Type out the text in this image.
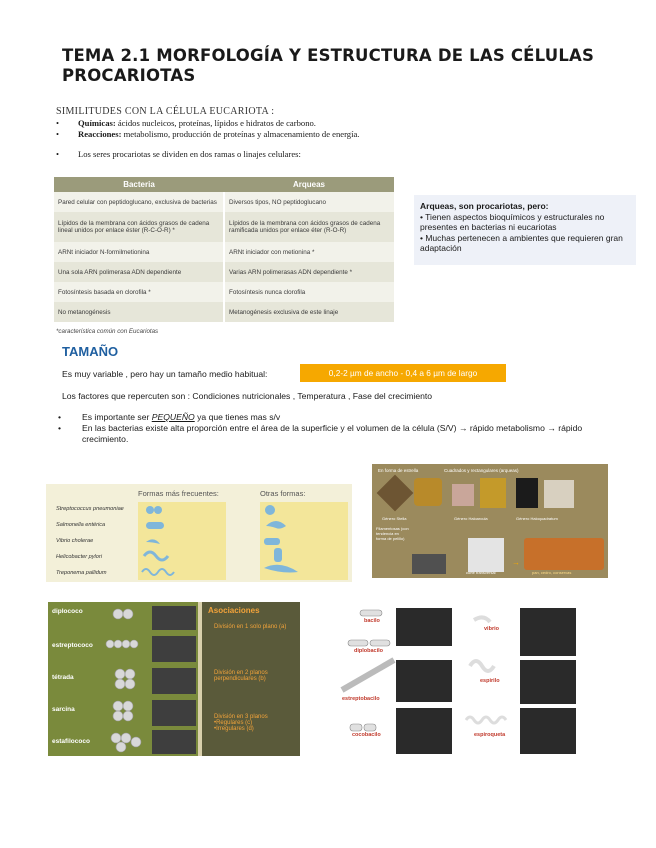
TEMA 2.1 MORFOLOGÍA Y ESTRUCTURA DE LAS CÉLULAS PROCARIOTAS
SIMILITUDES CON LA CÉLULA EUCARIOTA :
• Químicas: ácidos nucleicos, proteínas, lípidos e hidratos de carbono.
• Reacciones: metabolismo, producción de proteínas y almacenamiento de energía.
• Los seres procariotas se dividen en dos ramas o linajes celulares:
Bacteria	Arqueas
Pared celular con peptidoglucano, exclusiva de bacterias	Diversos tipos, NO peptidoglucano
Lípidos de la membrana con ácidos grasos de cadena lineal unidos por enlace éster (R-C-O-R) *	Lípidos de la membrana con ácidos grasos de cadena ramificada unidos por enlace éter (R-O-R)
ARNt iniciador N-formilmetionina	ARNt iniciador con metionina *
Una sola ARN polimerasa ADN dependiente	Varias ARN polimerasas ADN dependiente *
Fotosíntesis basada en clorofila *	Fotosíntesis nunca clorofila
No metanogénesis	Metanogénesis exclusiva de este linaje
*característica común con Eucariotas
Arqueas, son procariotas, pero:
• Tienen aspectos bioquímicos y estructurales no presentes en bacterias ni eucariotas
• Muchas pertenecen a ambientes que requieren gran adaptación
TAMAÑO
Es muy variable , pero hay un tamaño medio habitual:	0,2-2 µm de ancho - 0,4 a 6 µm de largo
Los factores que repercuten son : Condiciones nutricionales , Temperatura , Fase del crecimiento
• Es importante ser PEQUEÑO ya que tienes mas s/v
• En las bacterias existe alta proporción entre el área de la superficie y el volumen de la célula (S/V) → rápido metabolismo → rápido crecimiento.
Formas más frecuentes:	Otras formas:
Streptococcus pneumoniae
Salmonella entérica
Vibrio cholerae
Helicobacter pylori
Treponema pallidum
En forma de estrella	Cuadrados y rectangulares (arqueas)
Género Stella	Género Haloarcula	Género Haloquadratum
Filamentosas (con tendencia en forma de pelillo)
corte transversal
→
pan, cedro, conservas
diplococo
estreptococo
tétrada
sarcina
estafilococo
Asociaciones
División en 1 solo plano (a)
División en 2 planos perpendiculares (b)
División en 3 planos
•Regulares (c)
•Irregulares (d)
bacilo
diplobacilo
estreptobacilo
cocobacilo
vibrio
espirilo
espiroqueta
